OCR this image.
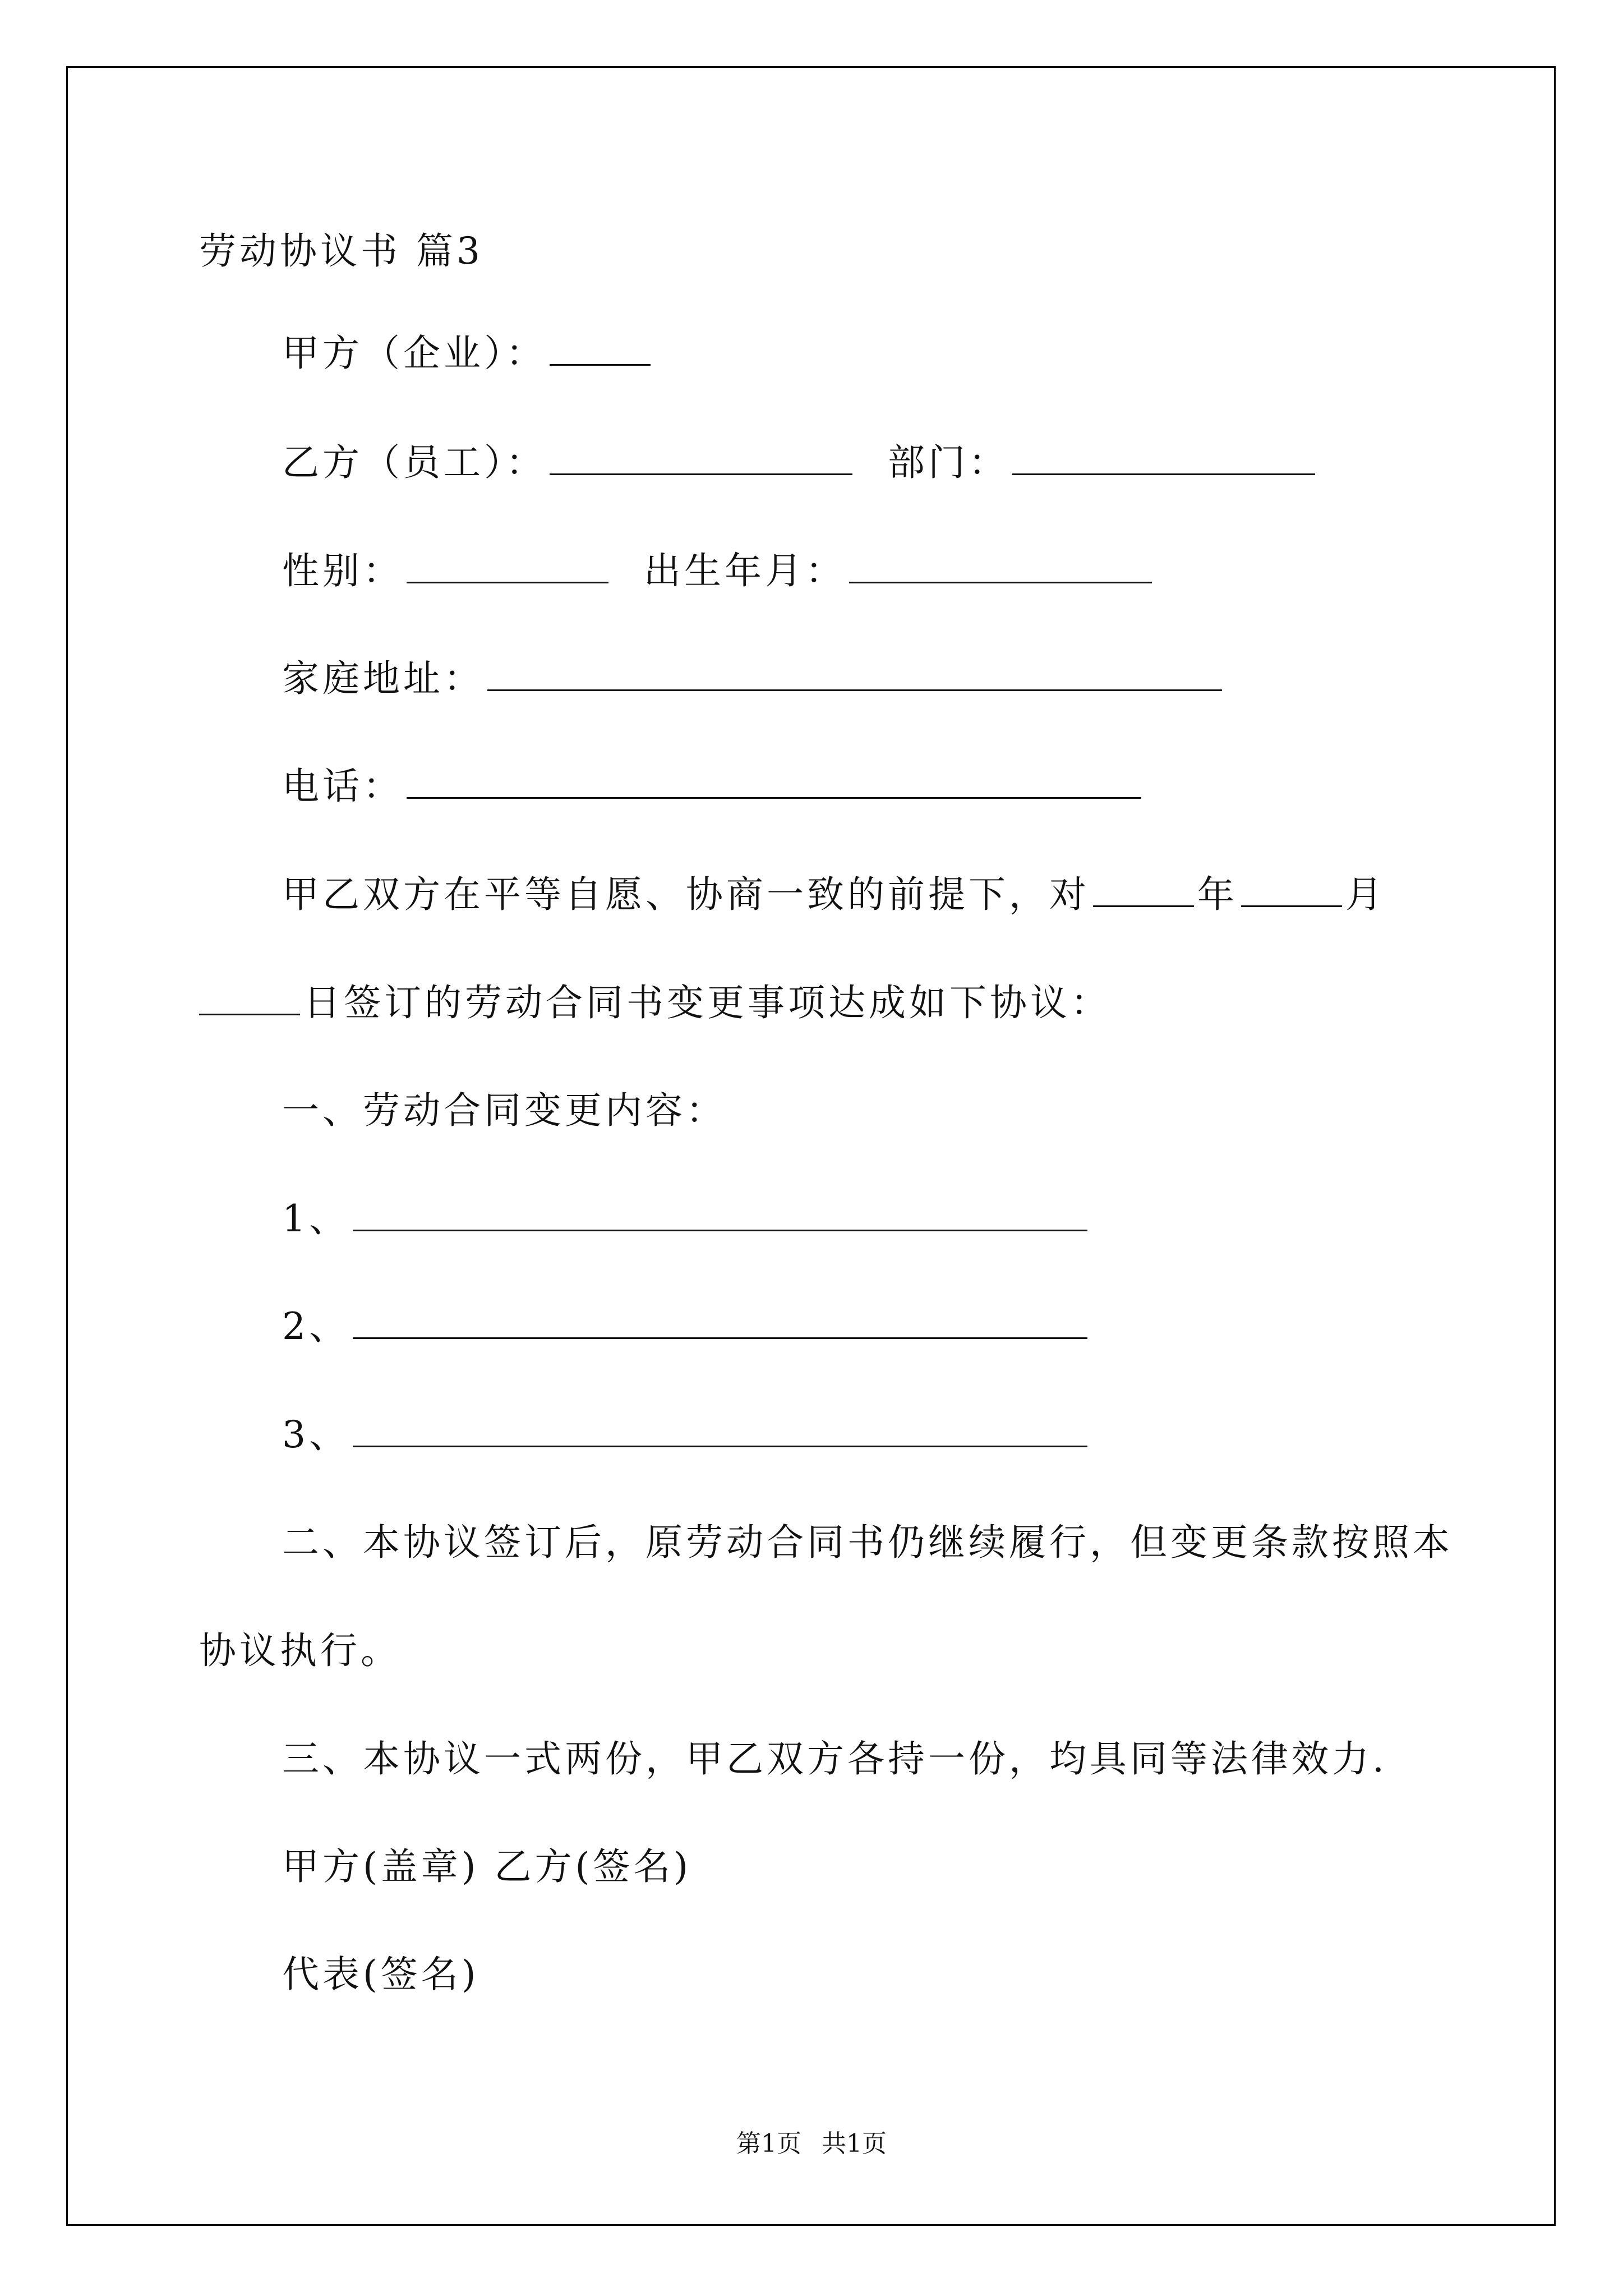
劳动协议书 篇3
甲方（企业）：
乙方（员工）：	部门：
性别：	出生年月：
家庭地址：
电话：
甲乙双方在平等自愿、协商一致的前提下，对	年	月
日签订的劳动合同书变更事项达成如下协议：
一、劳动合同变更内容：
1、
2、
3、
二、本协议签订后，原劳动合同书仍继续履行，但变更条款按照本
协议执行。
三、本协议一式两份，甲乙双方各持一份，均具同等法律效力.
甲方(盖章) 乙方(签名)
代表(签名)
第1页 共1页
